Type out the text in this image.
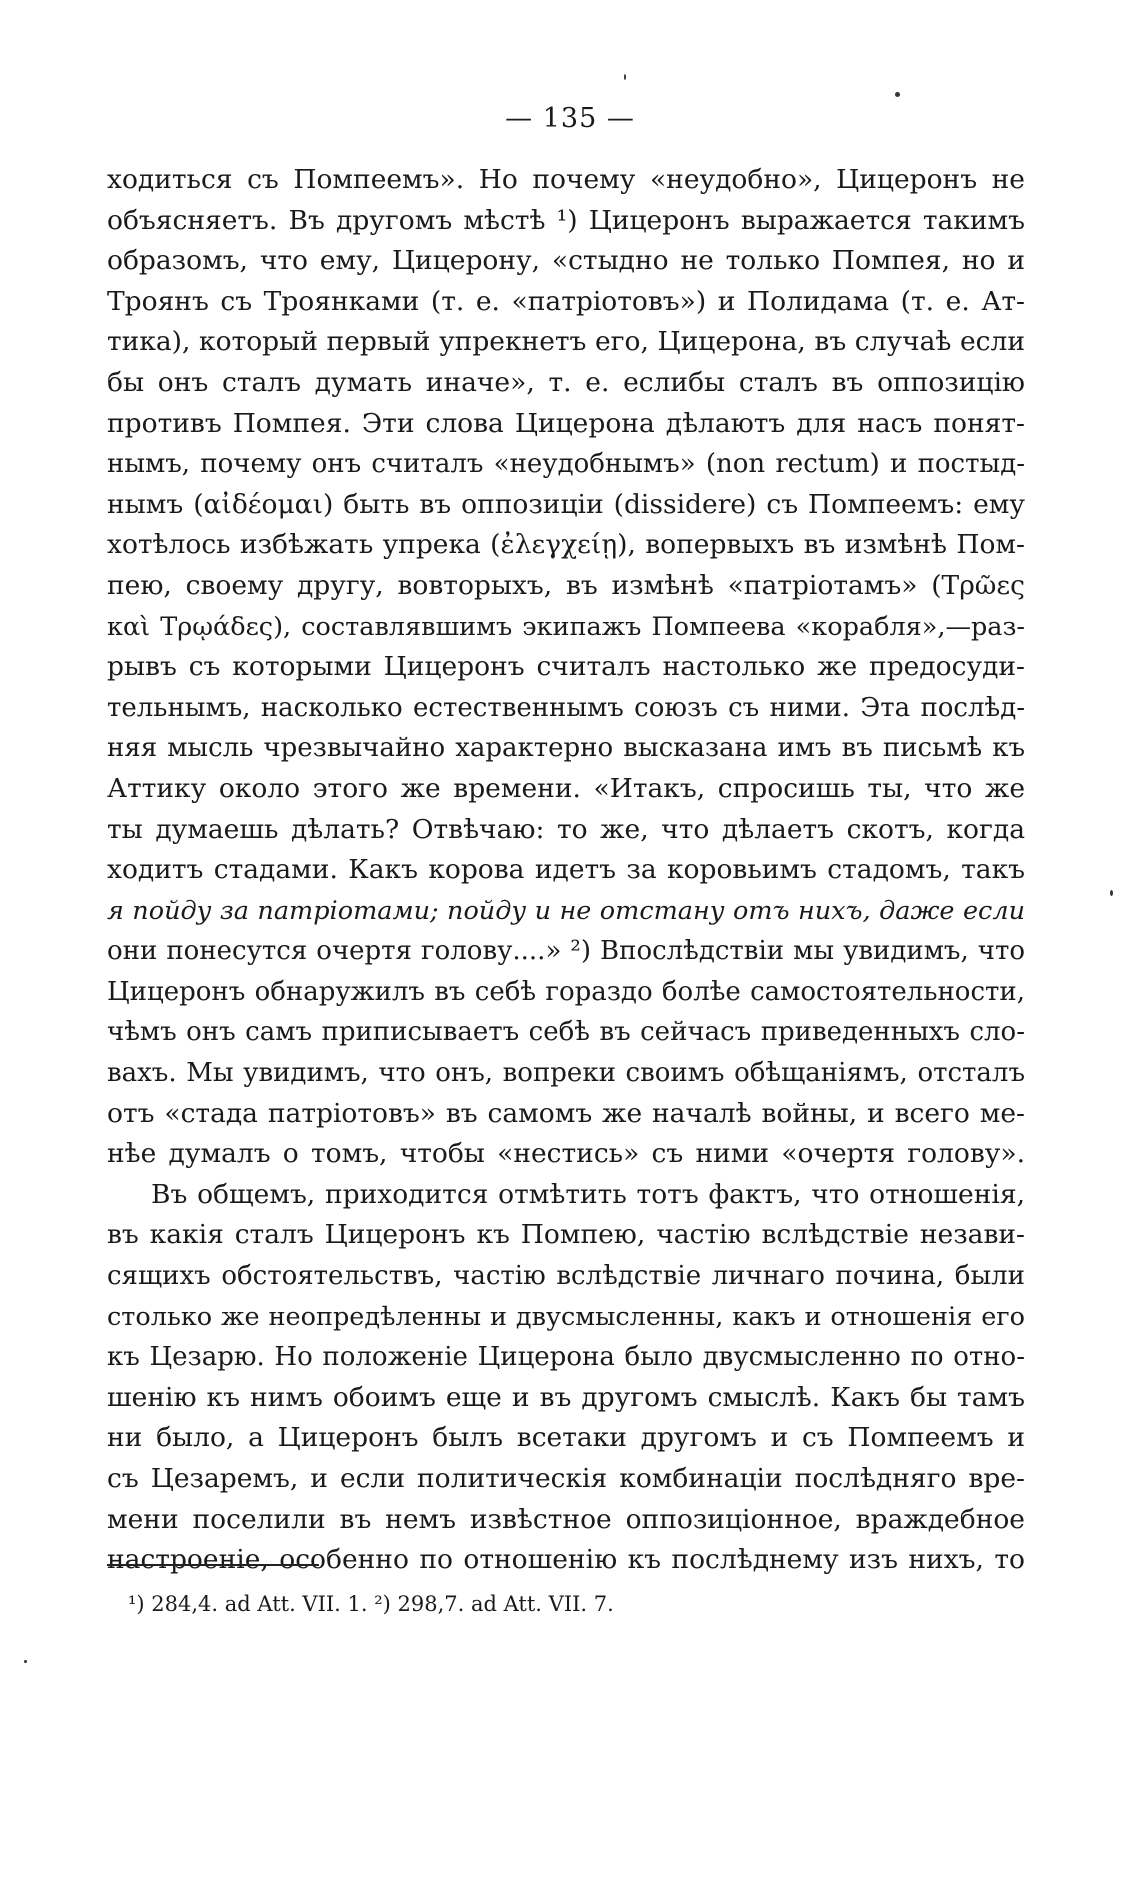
— 135 —
ходиться съ Помпеемъ». Но почему «неудобно», Цицеронъ не
объясняетъ. Въ другомъ мѣстѣ ¹) Цицеронъ выражается такимъ
образомъ, что ему, Цицерону, «стыдно не только Помпея, но и
Троянъ съ Троянками (т. е. «патріотовъ») и Полидама (т. е. Ат-
тика), который первый упрекнетъ его, Цицерона, въ случаѣ если
бы онъ сталъ думать иначе», т. е. еслибы сталъ въ оппозицію
противъ Помпея. Эти слова Цицерона дѣлаютъ для насъ понят-
нымъ, почему онъ считалъ «неудобнымъ» (non rectum) и постыд-
нымъ (αἰδέομαι) быть въ оппозиціи (dissidere) съ Помпеемъ: ему
хотѣлось избѣжать упрека (ἐλεγχείῃ), вопервыхъ въ измѣнѣ Пом-
пею, своему другу, вовторыхъ, въ измѣнѣ «патріотамъ» (Τρῶες
καὶ Τρῳάδες), составлявшимъ экипажъ Помпеева «корабля»,—раз-
рывъ съ которыми Цицеронъ считалъ настолько же предосуди-
тельнымъ, насколько естественнымъ союзъ съ ними. Эта послѣд-
няя мысль чрезвычайно характерно высказана имъ въ письмѣ къ
Аттику около этого же времени. «Итакъ, спросишь ты, что же
ты думаешь дѣлать? Отвѣчаю: то же, что дѣлаетъ скотъ, когда
ходитъ стадами. Какъ корова идетъ за коровьимъ стадомъ, такъ
я пойду за патріотами; пойду и не отстану отъ нихъ, даже если
они понесутся очертя голову....» ²) Впослѣдствіи мы увидимъ, что
Цицеронъ обнаружилъ въ себѣ гораздо болѣе самостоятельности,
чѣмъ онъ самъ приписываетъ себѣ въ сейчасъ приведенныхъ сло-
вахъ. Мы увидимъ, что онъ, вопреки своимъ обѣщаніямъ, отсталъ
отъ «стада патріотовъ» въ самомъ же началѣ войны, и всего ме-
нѣе думалъ о томъ, чтобы «нестись» съ ними «очертя голову».
Въ общемъ, приходится отмѣтить тотъ фактъ, что отношенія,
въ какія сталъ Цицеронъ къ Помпею, частію вслѣдствіе незави-
сящихъ обстоятельствъ, частію вслѣдствіе личнаго почина, были
столько же неопредѣленны и двусмысленны, какъ и отношенія его
къ Цезарю. Но положеніе Цицерона было двусмысленно по отно-
шенію къ нимъ обоимъ еще и въ другомъ смыслѣ. Какъ бы тамъ
ни было, а Цицеронъ былъ всетаки другомъ и съ Помпеемъ и
съ Цезаремъ, и если политическія комбинаціи послѣдняго вре-
мени поселили въ немъ извѣстное оппозиціонное, враждебное
настроеніе, особенно по отношенію къ послѣднему изъ нихъ, то
¹) 284,4. ad Att. VII. 1. ²) 298,7. ad Att. VII. 7.
